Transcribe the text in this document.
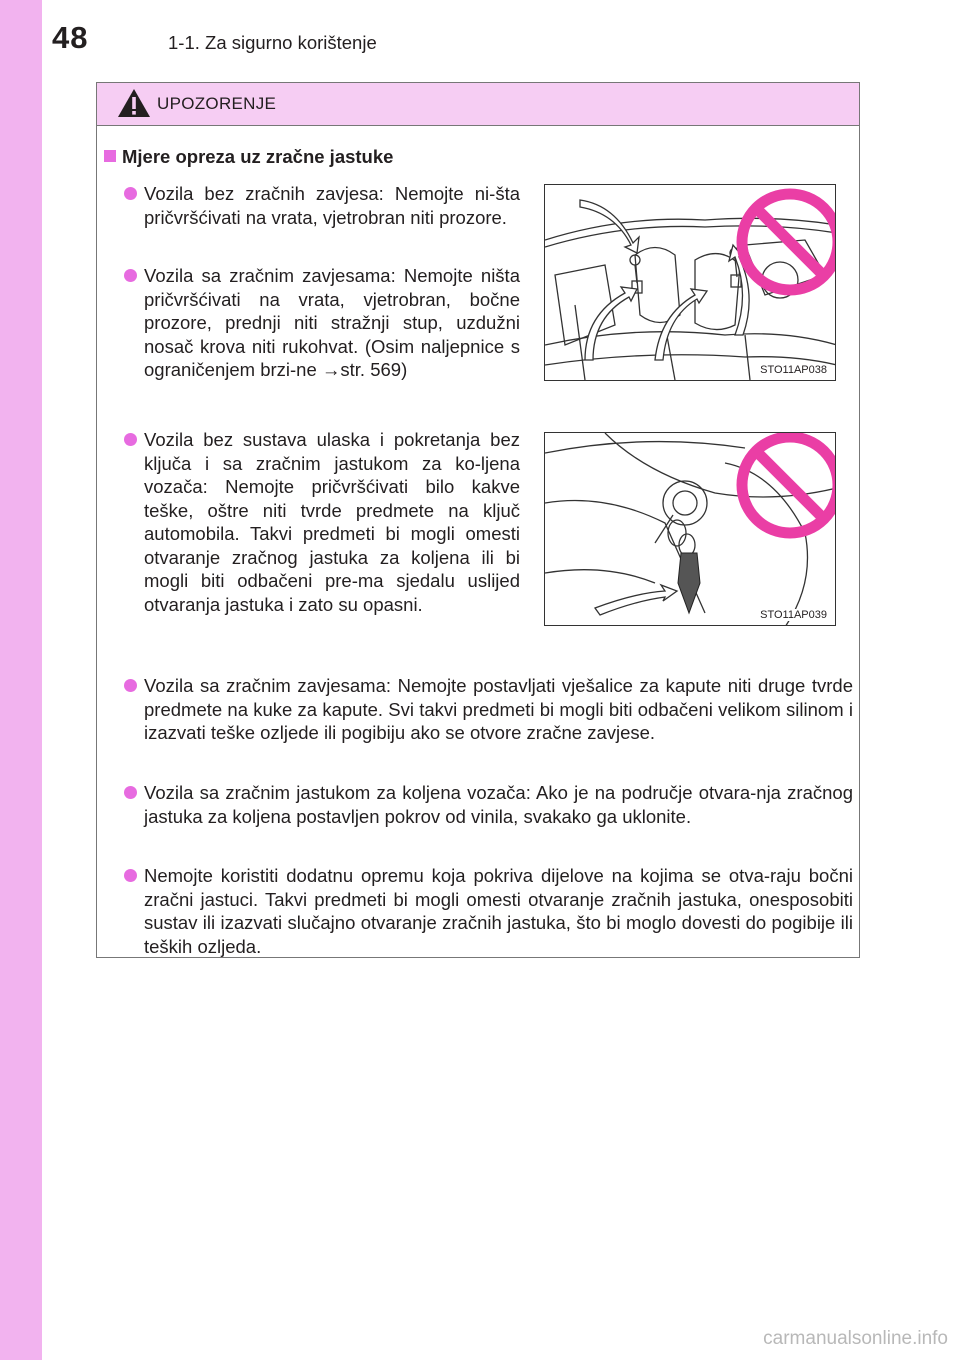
48	1-1. Za sigurno korištenje
UPOZORENJE
Mjere opreza uz zračne jastuke
Vozila bez zračnih zavjesa: Nemojte ni-šta pričvršćivati na vrata, vjetrobran niti prozore.
Vozila sa zračnim zavjesama: Nemojte ništa pričvršćivati na vrata, vjetrobran, bočne prozore, prednji niti stražnji stup, uzdužni nosač krova niti rukohvat. (Osim naljepnice s ograničenjem brzi-ne →str. 569)
Vozila bez sustava ulaska i pokretanja bez ključa i sa zračnim jastukom za ko-ljena vozača: Nemojte pričvršćivati bilo kakve teške, oštre niti tvrde predmete na ključ automobila. Takvi predmeti bi mogli omesti otvaranje zračnog jastuka za koljena ili bi mogli biti odbačeni pre-ma sjedalu uslijed otvaranja jastuka i zato su opasni.
Vozila sa zračnim zavjesama: Nemojte postavljati vješalice za kapute niti druge tvrde predmete na kuke za kapute. Svi takvi predmeti bi mogli biti odbačeni velikom silinom i izazvati teške ozljede ili pogibiju ako se otvore zračne zavjese.
Vozila sa zračnim jastukom za koljena vozača: Ako je na područje otvara-nja zračnog jastuka za koljena postavljen pokrov od vinila, svakako ga uklonite.
Nemojte koristiti dodatnu opremu koja pokriva dijelove na kojima se otva-raju bočni zračni jastuci. Takvi predmeti bi mogli omesti otvaranje zračnih jastuka, onesposobiti sustav ili izazvati slučajno otvaranje zračnih jastuka, što bi moglo dovesti do pogibije ili teških ozljeda.
STO11AP038
STO11AP039
carmanualsonline.info
